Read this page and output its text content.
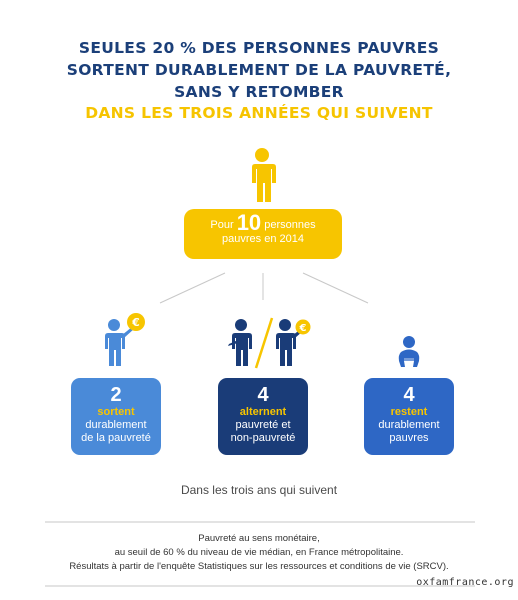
SEULES 20 % DES PERSONNES PAUVRES
SORTENT DURABLEMENT DE LA PAUVRETÉ,
SANS Y RETOMBER
DANS LES TROIS ANNÉES QUI SUIVENT
€	€
Pour 10 personnes
pauvres en 2014
2
sortent
durablement
de la pauvreté
4
alternent
pauvreté et
non-pauvreté
4
restent
durablement
pauvres
Dans les trois ans qui suivent
Pauvreté au sens monétaire,
au seuil de 60 % du niveau de vie médian, en France métropolitaine.
Résultats à partir de l'enquête Statistiques sur les ressources et conditions de vie (SRCV).
oxfamfrance.org
